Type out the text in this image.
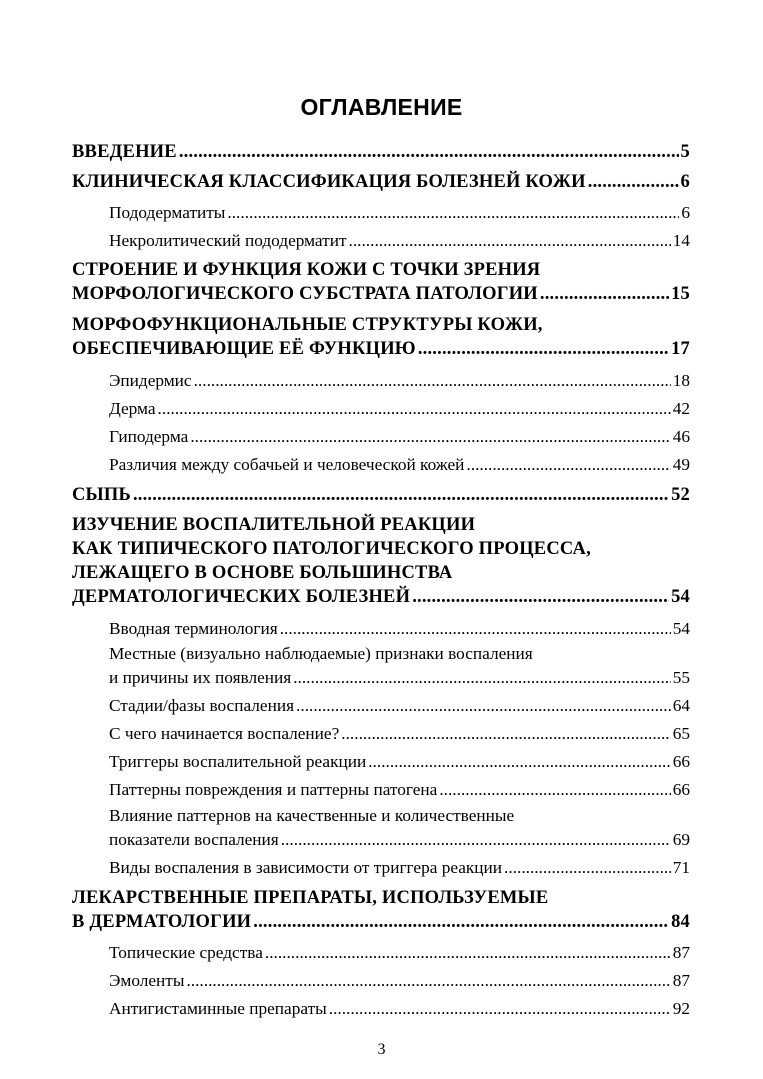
ОГЛАВЛЕНИЕ
ВВЕДЕНИЕ .....	5
КЛИНИЧЕСКАЯ КЛАССИФИКАЦИЯ БОЛЕЗНЕЙ КОЖИ .....	6
Пододерматиты .....	6
Некролитический пододерматит .....	14
СТРОЕНИЕ И ФУНКЦИЯ КОЖИ С ТОЧКИ ЗРЕНИЯ
МОРФОЛОГИЧЕСКОГО СУБСТРАТА ПАТОЛОГИИ .....	15
МОРФОФУНКЦИОНАЛЬНЫЕ СТРУКТУРЫ КОЖИ,
ОБЕСПЕЧИВАЮЩИЕ ЕЁ ФУНКЦИЮ .....	17
Эпидермис .....	18
Дерма .....	42
Гиподерма .....	46
Различия между собачьей и человеческой кожей .....	49
СЫПЬ .....	52
ИЗУЧЕНИЕ ВОСПАЛИТЕЛЬНОЙ РЕАКЦИИ
КАК ТИПИЧЕСКОГО ПАТОЛОГИЧЕСКОГО ПРОЦЕССА,
ЛЕЖАЩЕГО В ОСНОВЕ БОЛЬШИНСТВА
ДЕРМАТОЛОГИЧЕСКИХ БОЛЕЗНЕЙ .....	54
Вводная терминология .....	54
Местные (визуально наблюдаемые) признаки воспаления
и причины их появления .....	55
Стадии/фазы воспаления .....	64
С чего начинается воспаление? .....	65
Триггеры воспалительной реакции .....	66
Паттерны повреждения и паттерны патогена .....	66
Влияние паттернов на качественные и количественные
показатели воспаления .....	69
Виды воспаления в зависимости от триггера реакции .....	71
ЛЕКАРСТВЕННЫЕ ПРЕПАРАТЫ, ИСПОЛЬЗУЕМЫЕ
В ДЕРМАТОЛОГИИ .....	84
Топические средства .....	87
Эмоленты .....	87
Антигистаминные препараты .....	92
3
